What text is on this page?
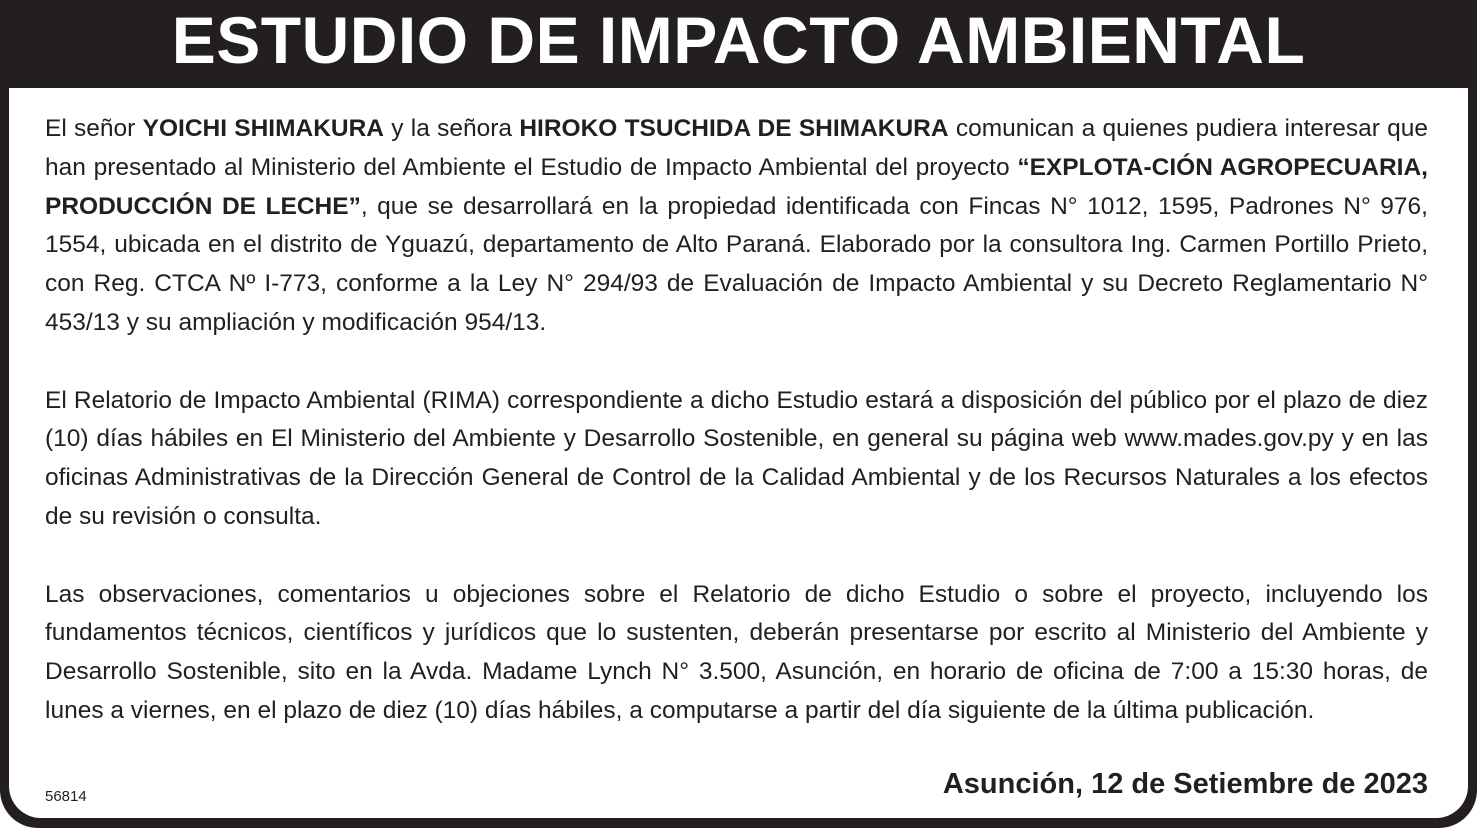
ESTUDIO DE IMPACTO AMBIENTAL

El señor YOICHI SHIMAKURA y la señora HIROKO TSUCHIDA DE SHIMAKURA comunican a quienes pudiera interesar que han presentado al Ministerio del Ambiente el Estudio de Impacto Ambiental del proyecto “EXPLOTA-CIÓN AGROPECUARIA, PRODUCCIÓN DE LECHE”, que se desarrollará en la propiedad identificada con Fincas N° 1012, 1595, Padrones N° 976, 1554, ubicada en el distrito de Yguazú, departamento de Alto Paraná. Elaborado por la consultora Ing. Carmen Portillo Prieto, con Reg. CTCA Nº I-773, conforme a la Ley N° 294/93 de Evaluación de Impacto Ambiental y su Decreto Reglamentario N° 453/13 y su ampliación y modificación 954/13.

El Relatorio de Impacto Ambiental (RIMA) correspondiente a dicho Estudio estará a disposición del público por el plazo de diez (10) días hábiles en El Ministerio del Ambiente y Desarrollo Sostenible, en general su página web www.mades.gov.py y en las oficinas Administrativas de la Dirección General de Control de la Calidad Ambiental y de los Recursos Naturales a los efectos de su revisión o consulta.

Las observaciones, comentarios u objeciones sobre el Relatorio de dicho Estudio o sobre el proyecto, incluyendo los fundamentos técnicos, científicos y jurídicos que lo sustenten, deberán presentarse por escrito al Ministerio del Ambiente y Desarrollo Sostenible, sito en la Avda. Madame Lynch N° 3.500, Asunción, en horario de oficina de 7:00 a 15:30 horas, de lunes a viernes, en el plazo de diez (10) días hábiles, a computarse a partir del día siguiente de la última publicación.

56814	Asunción, 12 de Setiembre de 2023
